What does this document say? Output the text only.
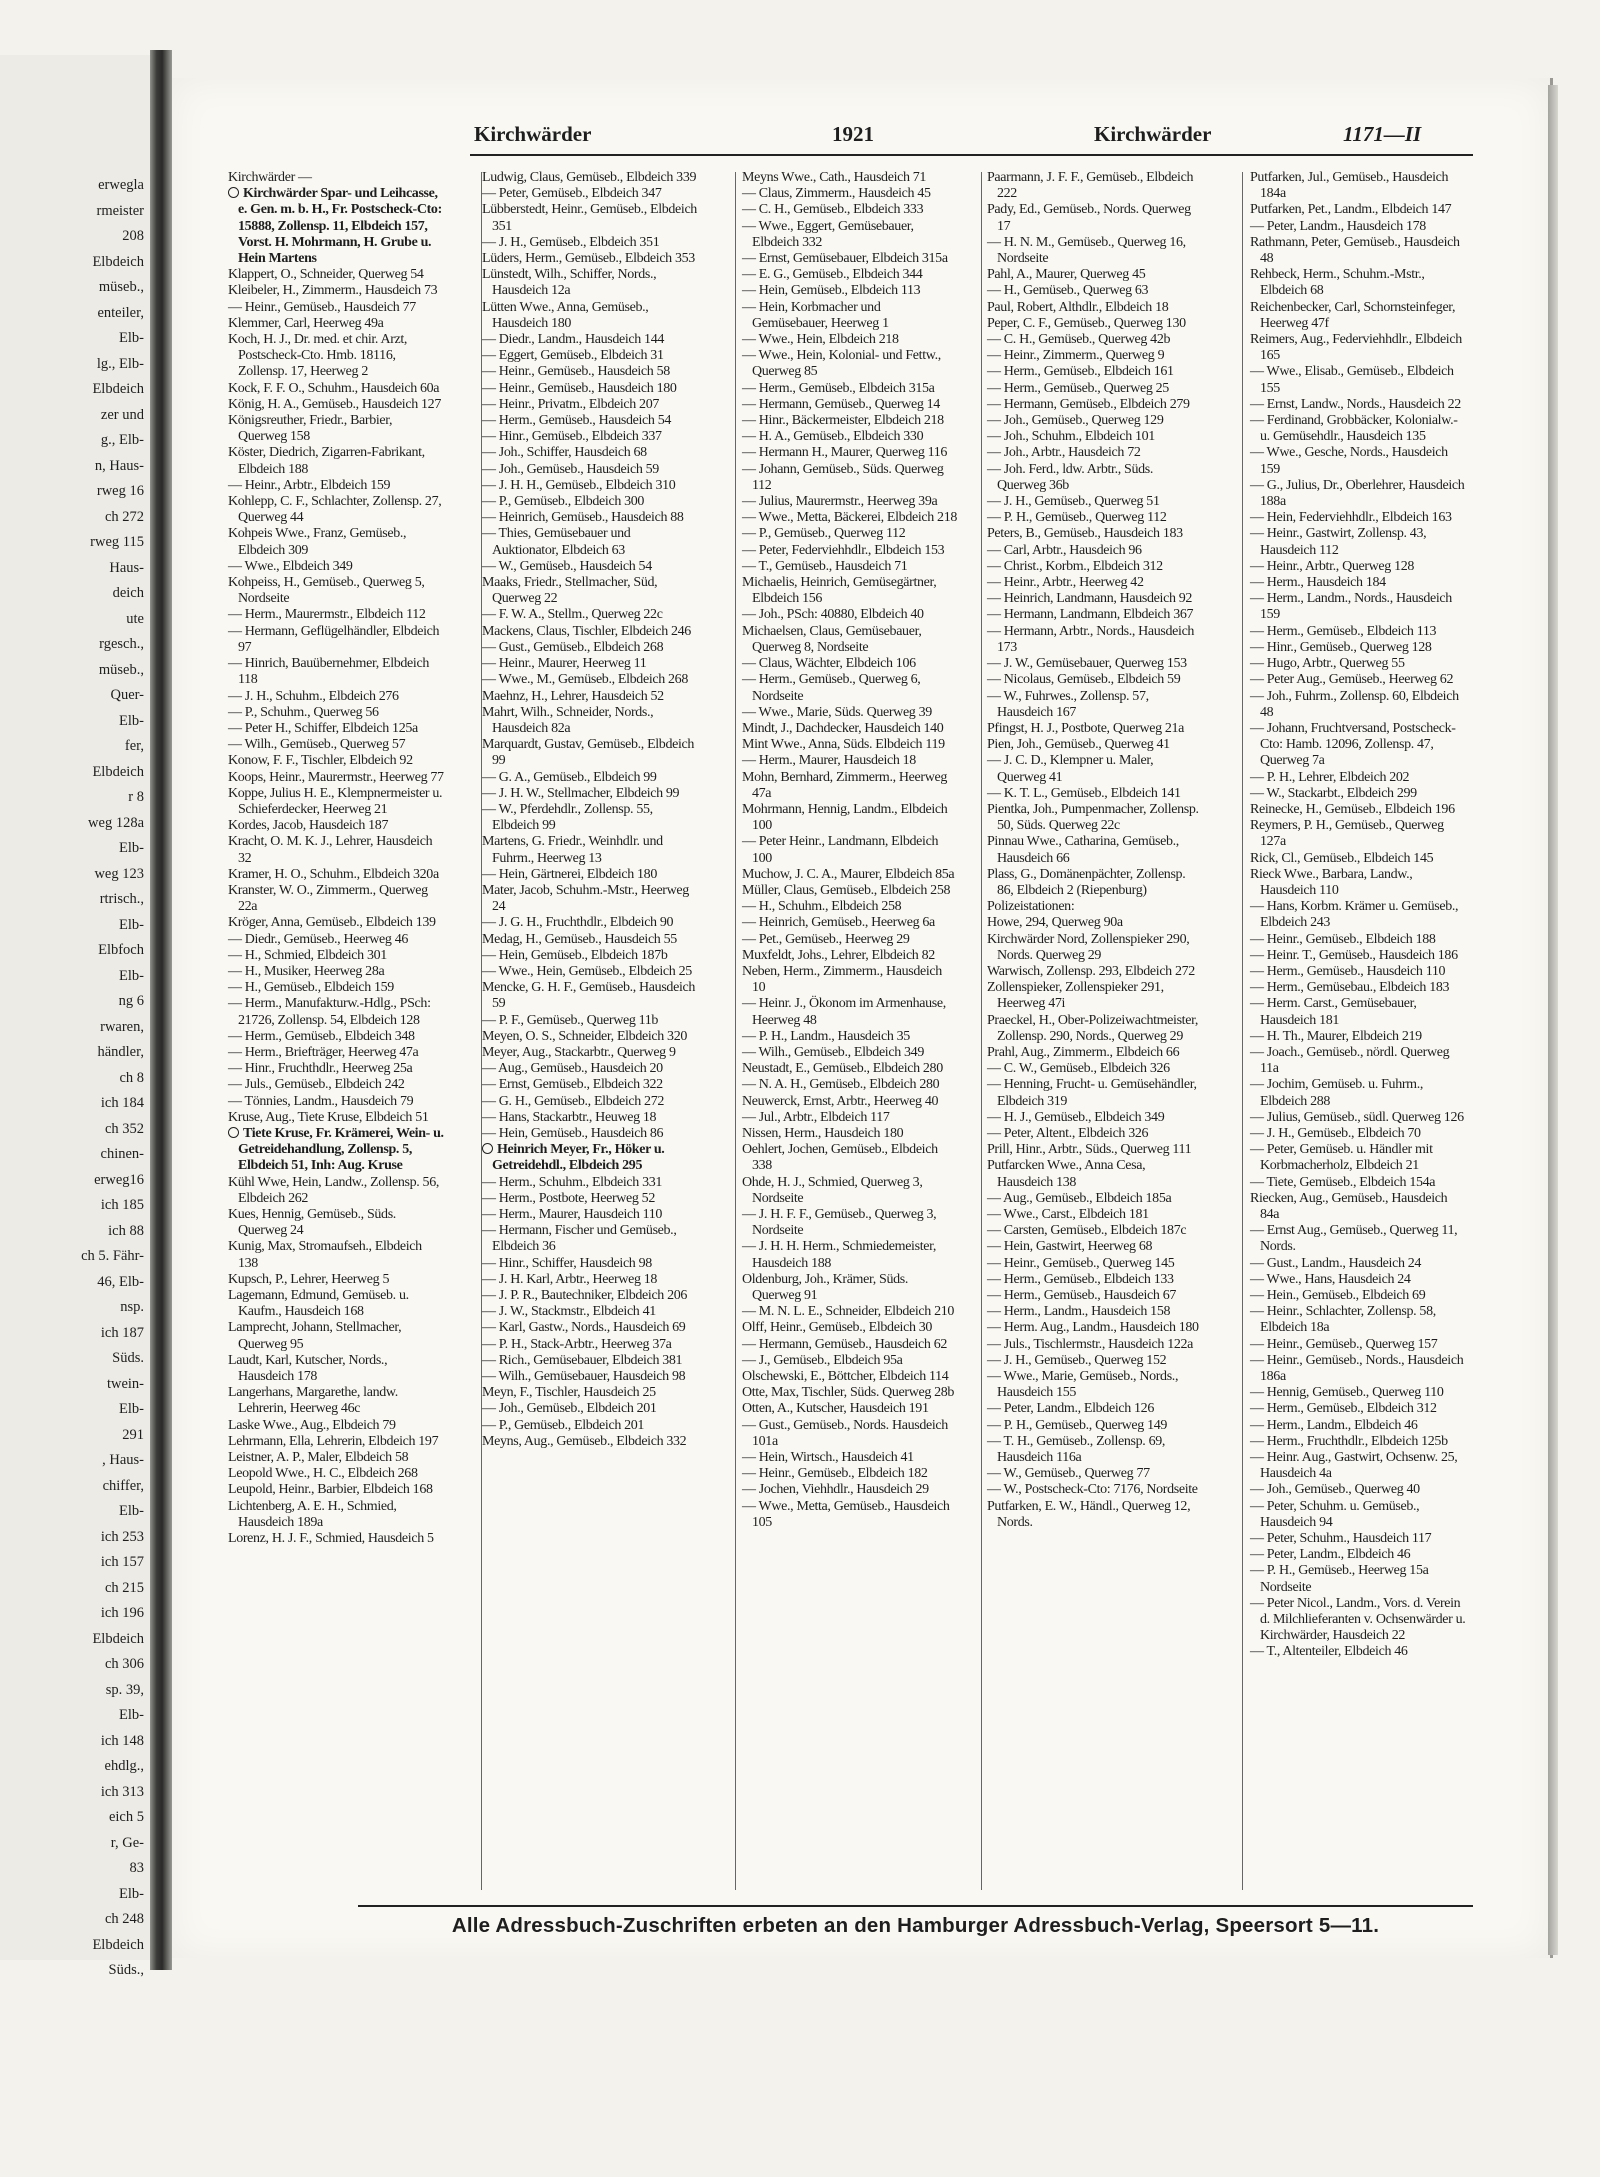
erwegla
rmeister
208
Elbdeich
müseb.,
enteiler,
Elb-
lg., Elb-
Elbdeich
zer und
g., Elb-
n, Haus-
rweg 16
ch 272
rweg 115
Haus-
deich
ute
rgesch.,
müseb.,
Quer-
Elb-
fer,
Elbdeich
r 8
weg 128a
Elb-
weg 123
rtrisch.,
Elb-
Elbfoch
Elb-
ng 6
rwaren,
händler,
ch 8
ich 184
ch 352
chinen-
erweg16
ich 185
ich 88
ch 5. Fähr-
46, Elb-
nsp.
ich 187
Süds.
twein-
Elb-
291
, Haus-
chiffer,
Elb-
ich 253
ich 157
ch 215
ich 196
Elbdeich
ch 306
sp. 39,
Elb-
ich 148
ehdlg.,
ich 313
eich 5
r, Ge-
83
Elb-
ch 248
Elbdeich
Süds.,
Kirchwärder	1921	Kirchwärder	1171—II

Kirchwärder —

Kirchwärder Spar- und Leihcasse, e. Gen. m. b. H., Fr. Postscheck-Cto: 15888, Zollensp. 11, Elbdeich 157, Vorst. H. Mohrmann, H. Grube u. Hein Martens

Klappert, O., Schneider, Querweg 54

Kleibeler, H., Zimmerm., Hausdeich 73

— Heinr., Gemüseb., Hausdeich 77

Klemmer, Carl, Heerweg 49a

Koch, H. J., Dr. med. et chir. Arzt, Postscheck-Cto. Hmb. 18116, Zollensp. 17, Heerweg 2

Kock, F. F. O., Schuhm., Hausdeich 60a

König, H. A., Gemüseb., Hausdeich 127

Königsreuther, Friedr., Barbier, Querweg 158

Köster, Diedrich, Zigarren-Fabrikant, Elbdeich 188

— Heinr., Arbtr., Elbdeich 159

Kohlepp, C. F., Schlachter, Zollensp. 27, Querweg 44

Kohpeis Wwe., Franz, Gemüseb., Elbdeich 309

— Wwe., Elbdeich 349

Kohpeiss, H., Gemüseb., Querweg 5, Nordseite

— Herm., Maurermstr., Elbdeich 112

— Hermann, Geflügelhändler, Elbdeich 97

— Hinrich, Bauübernehmer, Elbdeich 118

— J. H., Schuhm., Elbdeich 276

— P., Schuhm., Querweg 56

— Peter H., Schiffer, Elbdeich 125a

— Wilh., Gemüseb., Querweg 57

Konow, F. F., Tischler, Elbdeich 92

Koops, Heinr., Maurermstr., Heerweg 77

Koppe, Julius H. E., Klempnermeister u. Schieferdecker, Heerweg 21

Kordes, Jacob, Hausdeich 187

Kracht, O. M. K. J., Lehrer, Hausdeich 32

Kramer, H. O., Schuhm., Elbdeich 320a

Kranster, W. O., Zimmerm., Querweg 22a

Kröger, Anna, Gemüseb., Elbdeich 139

— Diedr., Gemüseb., Heerweg 46

— H., Schmied, Elbdeich 301

— H., Musiker, Heerweg 28a

— H., Gemüseb., Elbdeich 159

— Herm., Manufakturw.-Hdlg., PSch: 21726, Zollensp. 54, Elbdeich 128

— Herm., Gemüseb., Elbdeich 348

— Herm., Briefträger, Heerweg 47a

— Hinr., Fruchthdlr., Heerweg 25a

— Juls., Gemüseb., Elbdeich 242

— Tönnies, Landm., Hausdeich 79

Kruse, Aug., Tiete Kruse, Elbdeich 51

Tiete Kruse, Fr. Krämerei, Wein- u. Getreidehandlung, Zollensp. 5, Elbdeich 51, Inh: Aug. Kruse

Kühl Wwe, Hein, Landw., Zollensp. 56, Elbdeich 262

Kues, Hennig, Gemüseb., Süds. Querweg 24

Kunig, Max, Stromaufseh., Elbdeich 138

Kupsch, P., Lehrer, Heerweg 5

Lagemann, Edmund, Gemüseb. u. Kaufm., Hausdeich 168

Lamprecht, Johann, Stellmacher, Querweg 95

Laudt, Karl, Kutscher, Nords., Hausdeich 178

Langerhans, Margarethe, landw. Lehrerin, Heerweg 46c

Laske Wwe., Aug., Elbdeich 79

Lehrmann, Ella, Lehrerin, Elbdeich 197

Leistner, A. P., Maler, Elbdeich 58

Leopold Wwe., H. C., Elbdeich 268

Leupold, Heinr., Barbier, Elbdeich 168

Lichtenberg, A. E. H., Schmied, Hausdeich 189a

Lorenz, H. J. F., Schmied, Hausdeich 5

Ludwig, Claus, Gemüseb., Elbdeich 339

— Peter, Gemüseb., Elbdeich 347

Lübberstedt, Heinr., Gemüseb., Elbdeich 351

— J. H., Gemüseb., Elbdeich 351

Lüders, Herm., Gemüseb., Elbdeich 353

Lünstedt, Wilh., Schiffer, Nords., Hausdeich 12a

Lütten Wwe., Anna, Gemüseb., Hausdeich 180

— Diedr., Landm., Hausdeich 144

— Eggert, Gemüseb., Elbdeich 31

— Heinr., Gemüseb., Hausdeich 58

— Heinr., Gemüseb., Hausdeich 180

— Heinr., Privatm., Elbdeich 207

— Herm., Gemüseb., Hausdeich 54

— Hinr., Gemüseb., Elbdeich 337

— Joh., Schiffer, Hausdeich 68

— Joh., Gemüseb., Hausdeich 59

— J. H. H., Gemüseb., Elbdeich 310

— P., Gemüseb., Elbdeich 300

— Heinrich, Gemüseb., Hausdeich 88

— Thies, Gemüsebauer und Auktionator, Elbdeich 63

— W., Gemüseb., Hausdeich 54

Maaks, Friedr., Stellmacher, Süd, Querweg 22

— F. W. A., Stellm., Querweg 22c

Mackens, Claus, Tischler, Elbdeich 246

— Gust., Gemüseb., Elbdeich 268

— Heinr., Maurer, Heerweg 11

— Wwe., M., Gemüseb., Elbdeich 268

Maehnz, H., Lehrer, Hausdeich 52

Mahrt, Wilh., Schneider, Nords., Hausdeich 82a

Marquardt, Gustav, Gemüseb., Elbdeich 99

— G. A., Gemüseb., Elbdeich 99

— J. H. W., Stellmacher, Elbdeich 99

— W., Pferdehdlr., Zollensp. 55, Elbdeich 99

Martens, G. Friedr., Weinhdlr. und Fuhrm., Heerweg 13

— Hein, Gärtnerei, Elbdeich 180

Mater, Jacob, Schuhm.-Mstr., Heerweg 24

— J. G. H., Fruchthdlr., Elbdeich 90

Medag, H., Gemüseb., Hausdeich 55

— Hein, Gemüseb., Elbdeich 187b

— Wwe., Hein, Gemüseb., Elbdeich 25

Mencke, G. H. F., Gemüseb., Hausdeich 59

— P. F., Gemüseb., Querweg 11b

Meyen, O. S., Schneider, Elbdeich 320

Meyer, Aug., Stackarbtr., Querweg 9

— Aug., Gemüseb., Hausdeich 20

— Ernst, Gemüseb., Elbdeich 322

— G. H., Gemüseb., Elbdeich 272

— Hans, Stackarbtr., Heuweg 18

— Hein, Gemüseb., Hausdeich 86

Heinrich Meyer, Fr., Höker u. Getreidehdl., Elbdeich 295

— Herm., Schuhm., Elbdeich 331

— Herm., Postbote, Heerweg 52

— Herm., Maurer, Hausdeich 110

— Hermann, Fischer und Gemüseb., Elbdeich 36

— Hinr., Schiffer, Hausdeich 98

— J. H. Karl, Arbtr., Heerweg 18

— J. P. R., Bautechniker, Elbdeich 206

— J. W., Stackmstr., Elbdeich 41

— Karl, Gastw., Nords., Hausdeich 69

— P. H., Stack-Arbtr., Heerweg 37a

— Rich., Gemüsebauer, Elbdeich 381

— Wilh., Gemüsebauer, Hausdeich 98

Meyn, F., Tischler, Hausdeich 25

— Joh., Gemüseb., Elbdeich 201

— P., Gemüseb., Elbdeich 201

Meyns, Aug., Gemüseb., Elbdeich 332

Meyns Wwe., Cath., Hausdeich 71

— Claus, Zimmerm., Hausdeich 45

— C. H., Gemüseb., Elbdeich 333

— Wwe., Eggert, Gemüsebauer, Elbdeich 332

— Ernst, Gemüsebauer, Elbdeich 315a

— E. G., Gemüseb., Elbdeich 344

— Hein, Gemüseb., Elbdeich 113

— Hein, Korbmacher und Gemüsebauer, Heerweg 1

— Wwe., Hein, Elbdeich 218

— Wwe., Hein, Kolonial- und Fettw., Querweg 85

— Herm., Gemüseb., Elbdeich 315a

— Hermann, Gemüseb., Querweg 14

— Hinr., Bäckermeister, Elbdeich 218

— H. A., Gemüseb., Elbdeich 330

— Hermann H., Maurer, Querweg 116

— Johann, Gemüseb., Süds. Querweg 112

— Julius, Maurermstr., Heerweg 39a

— Wwe., Metta, Bäckerei, Elbdeich 218

— P., Gemüseb., Querweg 112

— Peter, Federviehhdlr., Elbdeich 153

— T., Gemüseb., Hausdeich 71

Michaelis, Heinrich, Gemüsegärtner, Elbdeich 156

— Joh., PSch: 40880, Elbdeich 40

Michaelsen, Claus, Gemüsebauer, Querweg 8, Nordseite

— Claus, Wächter, Elbdeich 106

— Herm., Gemüseb., Querweg 6, Nordseite

— Wwe., Marie, Süds. Querweg 39

Mindt, J., Dachdecker, Hausdeich 140

Mint Wwe., Anna, Süds. Elbdeich 119

— Herm., Maurer, Hausdeich 18

Mohn, Bernhard, Zimmerm., Heerweg 47a

Mohrmann, Hennig, Landm., Elbdeich 100

— Peter Heinr., Landmann, Elbdeich 100

Muchow, J. C. A., Maurer, Elbdeich 85a

Müller, Claus, Gemüseb., Elbdeich 258

— H., Schuhm., Elbdeich 258

— Heinrich, Gemüseb., Heerweg 6a

— Pet., Gemüseb., Heerweg 29

Muxfeldt, Johs., Lehrer, Elbdeich 82

Neben, Herm., Zimmerm., Hausdeich 10

— Heinr. J., Ökonom im Armenhause, Heerweg 48

— P. H., Landm., Hausdeich 35

— Wilh., Gemüseb., Elbdeich 349

Neustadt, E., Gemüseb., Elbdeich 280

— N. A. H., Gemüseb., Elbdeich 280

Neuwerck, Ernst, Arbtr., Heerweg 40

— Jul., Arbtr., Elbdeich 117

Nissen, Herm., Hausdeich 180

Oehlert, Jochen, Gemüseb., Elbdeich 338

Ohde, H. J., Schmied, Querweg 3, Nordseite

— J. H. F. F., Gemüseb., Querweg 3, Nordseite

— J. H. H. Herm., Schmiedemeister, Hausdeich 188

Oldenburg, Joh., Krämer, Süds. Querweg 91

— M. N. L. E., Schneider, Elbdeich 210

Olff, Heinr., Gemüseb., Elbdeich 30

— Hermann, Gemüseb., Hausdeich 62

— J., Gemüseb., Elbdeich 95a

Olschewski, E., Böttcher, Elbdeich 114

Otte, Max, Tischler, Süds. Querweg 28b

Otten, A., Kutscher, Hausdeich 191

— Gust., Gemüseb., Nords. Hausdeich 101a

— Hein, Wirtsch., Hausdeich 41

— Heinr., Gemüseb., Elbdeich 182

— Jochen, Viehhdlr., Hausdeich 29

— Wwe., Metta, Gemüseb., Hausdeich 105

Paarmann, J. F. F., Gemüseb., Elbdeich 222

Pady, Ed., Gemüseb., Nords. Querweg 17

— H. N. M., Gemüseb., Querweg 16, Nordseite

Pahl, A., Maurer, Querweg 45

— H., Gemüseb., Querweg 63

Paul, Robert, Althdlr., Elbdeich 18

Peper, C. F., Gemüseb., Querweg 130

— C. H., Gemüseb., Querweg 42b

— Heinr., Zimmerm., Querweg 9

— Herm., Gemüseb., Elbdeich 161

— Herm., Gemüseb., Querweg 25

— Hermann, Gemüseb., Elbdeich 279

— Joh., Gemüseb., Querweg 129

— Joh., Schuhm., Elbdeich 101

— Joh., Arbtr., Hausdeich 72

— Joh. Ferd., ldw. Arbtr., Süds. Querweg 36b

— J. H., Gemüseb., Querweg 51

— P. H., Gemüseb., Querweg 112

Peters, B., Gemüseb., Hausdeich 183

— Carl, Arbtr., Hausdeich 96

— Christ., Korbm., Elbdeich 312

— Heinr., Arbtr., Heerweg 42

— Heinrich, Landmann, Hausdeich 92

— Hermann, Landmann, Elbdeich 367

— Hermann, Arbtr., Nords., Hausdeich 173

— J. W., Gemüsebauer, Querweg 153

— Nicolaus, Gemüseb., Elbdeich 59

— W., Fuhrwes., Zollensp. 57, Hausdeich 167

Pfingst, H. J., Postbote, Querweg 21a

Pien, Joh., Gemüseb., Querweg 41

— J. C. D., Klempner u. Maler, Querweg 41

— K. T. L., Gemüseb., Elbdeich 141

Pientka, Joh., Pumpenmacher, Zollensp. 50, Süds. Querweg 22c

Pinnau Wwe., Catharina, Gemüseb., Hausdeich 66

Plass, G., Domänenpächter, Zollensp. 86, Elbdeich 2 (Riepenburg)

Polizeistationen:

Howe, 294, Querweg 90a

Kirchwärder Nord, Zollenspieker 290, Nords. Querweg 29

Warwisch, Zollensp. 293, Elbdeich 272

Zollenspieker, Zollenspieker 291, Heerweg 47i

Praeckel, H., Ober-Polizeiwachtmeister, Zollensp. 290, Nords., Querweg 29

Prahl, Aug., Zimmerm., Elbdeich 66

— C. W., Gemüseb., Elbdeich 326

— Henning, Frucht- u. Gemüsehändler, Elbdeich 319

— H. J., Gemüseb., Elbdeich 349

— Peter, Altent., Elbdeich 326

Prill, Hinr., Arbtr., Süds., Querweg 111

Putfarcken Wwe., Anna Cesa, Hausdeich 138

— Aug., Gemüseb., Elbdeich 185a

— Wwe., Carst., Elbdeich 181

— Carsten, Gemüseb., Elbdeich 187c

— Hein, Gastwirt, Heerweg 68

— Heinr., Gemüseb., Querweg 145

— Herm., Gemüseb., Elbdeich 133

— Herm., Gemüseb., Hausdeich 67

— Herm., Landm., Hausdeich 158

— Herm. Aug., Landm., Hausdeich 180

— Juls., Tischlermstr., Hausdeich 122a

— J. H., Gemüseb., Querweg 152

— Wwe., Marie, Gemüseb., Nords., Hausdeich 155

— Peter, Landm., Elbdeich 126

— P. H., Gemüseb., Querweg 149

— T. H., Gemüseb., Zollensp. 69, Hausdeich 116a

— W., Gemüseb., Querweg 77

— W., Postscheck-Cto: 7176, Nordseite

Putfarken, E. W., Händl., Querweg 12, Nords.

Putfarken, Jul., Gemüseb., Hausdeich 184a

Putfarken, Pet., Landm., Elbdeich 147

— Peter, Landm., Hausdeich 178

Rathmann, Peter, Gemüseb., Hausdeich 48

Rehbeck, Herm., Schuhm.-Mstr., Elbdeich 68

Reichenbecker, Carl, Schornsteinfeger, Heerweg 47f

Reimers, Aug., Federviehhdlr., Elbdeich 165

— Wwe., Elisab., Gemüseb., Elbdeich 155

— Ernst, Landw., Nords., Hausdeich 22

— Ferdinand, Grobbäcker, Kolonialw.- u. Gemüsehdlr., Hausdeich 135

— Wwe., Gesche, Nords., Hausdeich 159

— G., Julius, Dr., Oberlehrer, Hausdeich 188a

— Hein, Federviehhdlr., Elbdeich 163

— Heinr., Gastwirt, Zollensp. 43, Hausdeich 112

— Heinr., Arbtr., Querweg 128

— Herm., Hausdeich 184

— Herm., Landm., Nords., Hausdeich 159

— Herm., Gemüseb., Elbdeich 113

— Hinr., Gemüseb., Querweg 128

— Hugo, Arbtr., Querweg 55

— Peter Aug., Gemüseb., Heerweg 62

— Joh., Fuhrm., Zollensp. 60, Elbdeich 48

— Johann, Fruchtversand, Postscheck-Cto: Hamb. 12096, Zollensp. 47, Querweg 7a

— P. H., Lehrer, Elbdeich 202

— W., Stackarbt., Elbdeich 299

Reinecke, H., Gemüseb., Elbdeich 196

Reymers, P. H., Gemüseb., Querweg 127a

Rick, Cl., Gemüseb., Elbdeich 145

Rieck Wwe., Barbara, Landw., Hausdeich 110

— Hans, Korbm. Krämer u. Gemüseb., Elbdeich 243

— Heinr., Gemüseb., Elbdeich 188

— Heinr. T., Gemüseb., Hausdeich 186

— Herm., Gemüseb., Hausdeich 110

— Herm., Gemüsebau., Elbdeich 183

— Herm. Carst., Gemüsebauer, Hausdeich 181

— H. Th., Maurer, Elbdeich 219

— Joach., Gemüseb., nördl. Querweg 11a

— Jochim, Gemüseb. u. Fuhrm., Elbdeich 288

— Julius, Gemüseb., südl. Querweg 126

— J. H., Gemüseb., Elbdeich 70

— Peter, Gemüseb. u. Händler mit Korbmacherholz, Elbdeich 21

— Tiete, Gemüseb., Elbdeich 154a

Riecken, Aug., Gemüseb., Hausdeich 84a

— Ernst Aug., Gemüseb., Querweg 11, Nords.

— Gust., Landm., Hausdeich 24

— Wwe., Hans, Hausdeich 24

— Hein., Gemüseb., Elbdeich 69

— Heinr., Schlachter, Zollensp. 58, Elbdeich 18a

— Heinr., Gemüseb., Querweg 157

— Heinr., Gemüseb., Nords., Hausdeich 186a

— Hennig, Gemüseb., Querweg 110

— Herm., Gemüseb., Elbdeich 312

— Herm., Landm., Elbdeich 46

— Herm., Fruchthdlr., Elbdeich 125b

— Heinr. Aug., Gastwirt, Ochsenw. 25, Hausdeich 4a

— Joh., Gemüseb., Querweg 40

— Peter, Schuhm. u. Gemüseb., Hausdeich 94

— Peter, Schuhm., Hausdeich 117

— Peter, Landm., Elbdeich 46

— P. H., Gemüseb., Heerweg 15a Nordseite

— Peter Nicol., Landm., Vors. d. Verein d. Milchlieferanten v. Ochsenwärder u. Kirchwärder, Hausdeich 22

— T., Altenteiler, Elbdeich 46

Alle Adressbuch-Zuschriften erbeten an den Hamburger Adressbuch-Verlag, Speersort 5—11.
